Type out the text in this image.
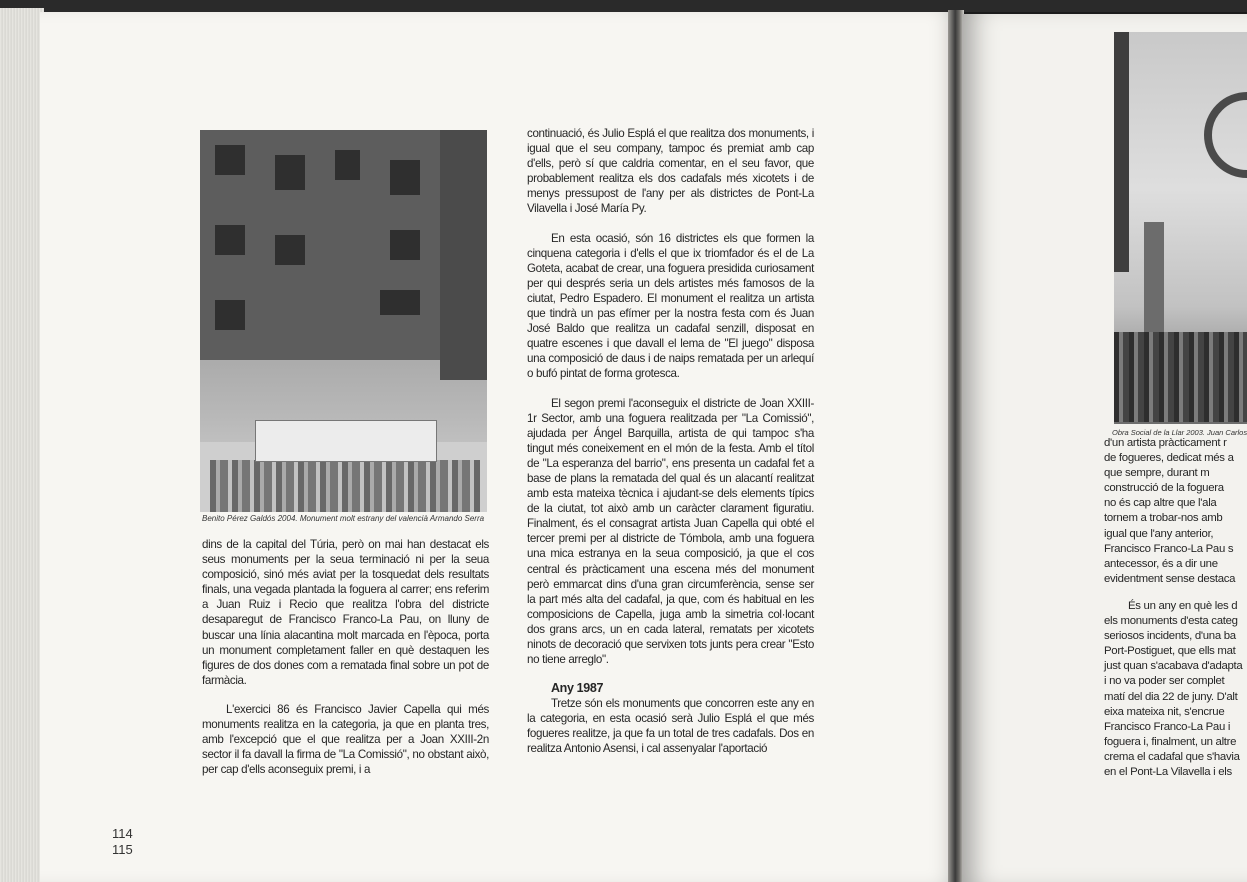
Benito Pérez Galdós 2004. Monument molt estrany del valencià Armando Serra

dins de la capital del Túria, però on mai han destacat els seus monuments per la seua terminació ni per la seua composició, sinó més aviat per la tosquedat dels resultats finals, una vegada plantada la foguera al carrer; ens referim a Juan Ruiz i Recio que realitza l'obra del districte desaparegut de Francisco Franco-La Pau, on lluny de buscar una línia alacantina molt marcada en l'època, porta un monument completament faller en què destaquen les figures de dos dones com a rematada final sobre un pot de farmàcia.

L'exercici 86 és Francisco Javier Capella qui més monuments realitza en la categoria, ja que en planta tres, amb l'excepció que el que realitza per a Joan XXIII-2n sector il fa davall la firma de "La Comissió", no obstant això, per cap d'ells aconseguix premi, i a

continuació, és Julio Esplá el que realitza dos monuments, i igual que el seu company, tampoc és premiat amb cap d'ells, però sí que caldria comentar, en el seu favor, que probablement realitza els dos cadafals més xicotets i de menys pressupost de l'any per als districtes de Pont-La Vilavella i José María Py.

En esta ocasió, són 16 districtes els que formen la cinquena categoria i d'ells el que ix triomfador és el de La Goteta, acabat de crear, una foguera presidida curiosament per qui després seria un dels artistes més famosos de la ciutat, Pedro Espadero. El monument el realitza un artista que tindrà un pas efímer per la nostra festa com és Juan José Baldo que realitza un cadafal senzill, disposat en quatre escenes i que davall el lema de "El juego" disposa una composició de daus i de naips rematada per un arlequí o bufó pintat de forma grotesca.

El segon premi l'aconseguix el districte de Joan XXIII-1r Sector, amb una foguera realitzada per "La Comissió", ajudada per Ángel Barquilla, artista de qui tampoc s'ha tingut més coneixement en el món de la festa. Amb el títol de "La esperanza del barrio", ens presenta un cadafal fet a base de plans la rematada del qual és un alacantí realitzat amb esta mateixa tècnica i ajudant-se dels elements típics de la ciutat, tot això amb un caràcter clarament figuratiu. Finalment, és el consagrat artista Juan Capella qui obté el tercer premi per al districte de Tómbola, amb una foguera una mica estranya en la seua composició, ja que el cos central és pràcticament una escena més del monument però emmarcat dins d'una gran circumferència, sense ser la part més alta del cadafal, ja que, com és habitual en les composicions de Capella, juga amb la simetria col·locant dos grans arcs, un en cada lateral, rematats per xicotets ninots de decoració que servixen tots junts pera crear "Esto no tiene arreglo".

Any 1987

Tretze són els monuments que concorren este any en la categoria, en esta ocasió serà Julio Esplá el que més fogueres realitze, ja que fa un total de tres cadafals. Dos en realitza Antonio Asensi, i cal assenyalar l'aportació

114
115
Obra Social de la Llar 2003. Juan Carlos
d'un artista pràcticament r
de fogueres, dedicat més a
que sempre, durant m
construcció de la foguera
no és cap altre que l'ala
tornem a trobar-nos amb
igual que l'any anterior,
Francisco Franco-La Pau s
antecessor, és a dir une
evidentment sense destaca
És un any en què les d
els monuments d'esta categ
seriosos incidents, d'una ba
Port-Postiguet, que ells mat
just quan s'acabava d'adapta
i no va poder ser complet
matí del dia 22 de juny. D'alt
eixa mateixa nit, s'encrue
Francisco Franco-La Pau i
foguera i, finalment, un altre
crema el cadafal que s'havia
en el Pont-La Vilavella i els
